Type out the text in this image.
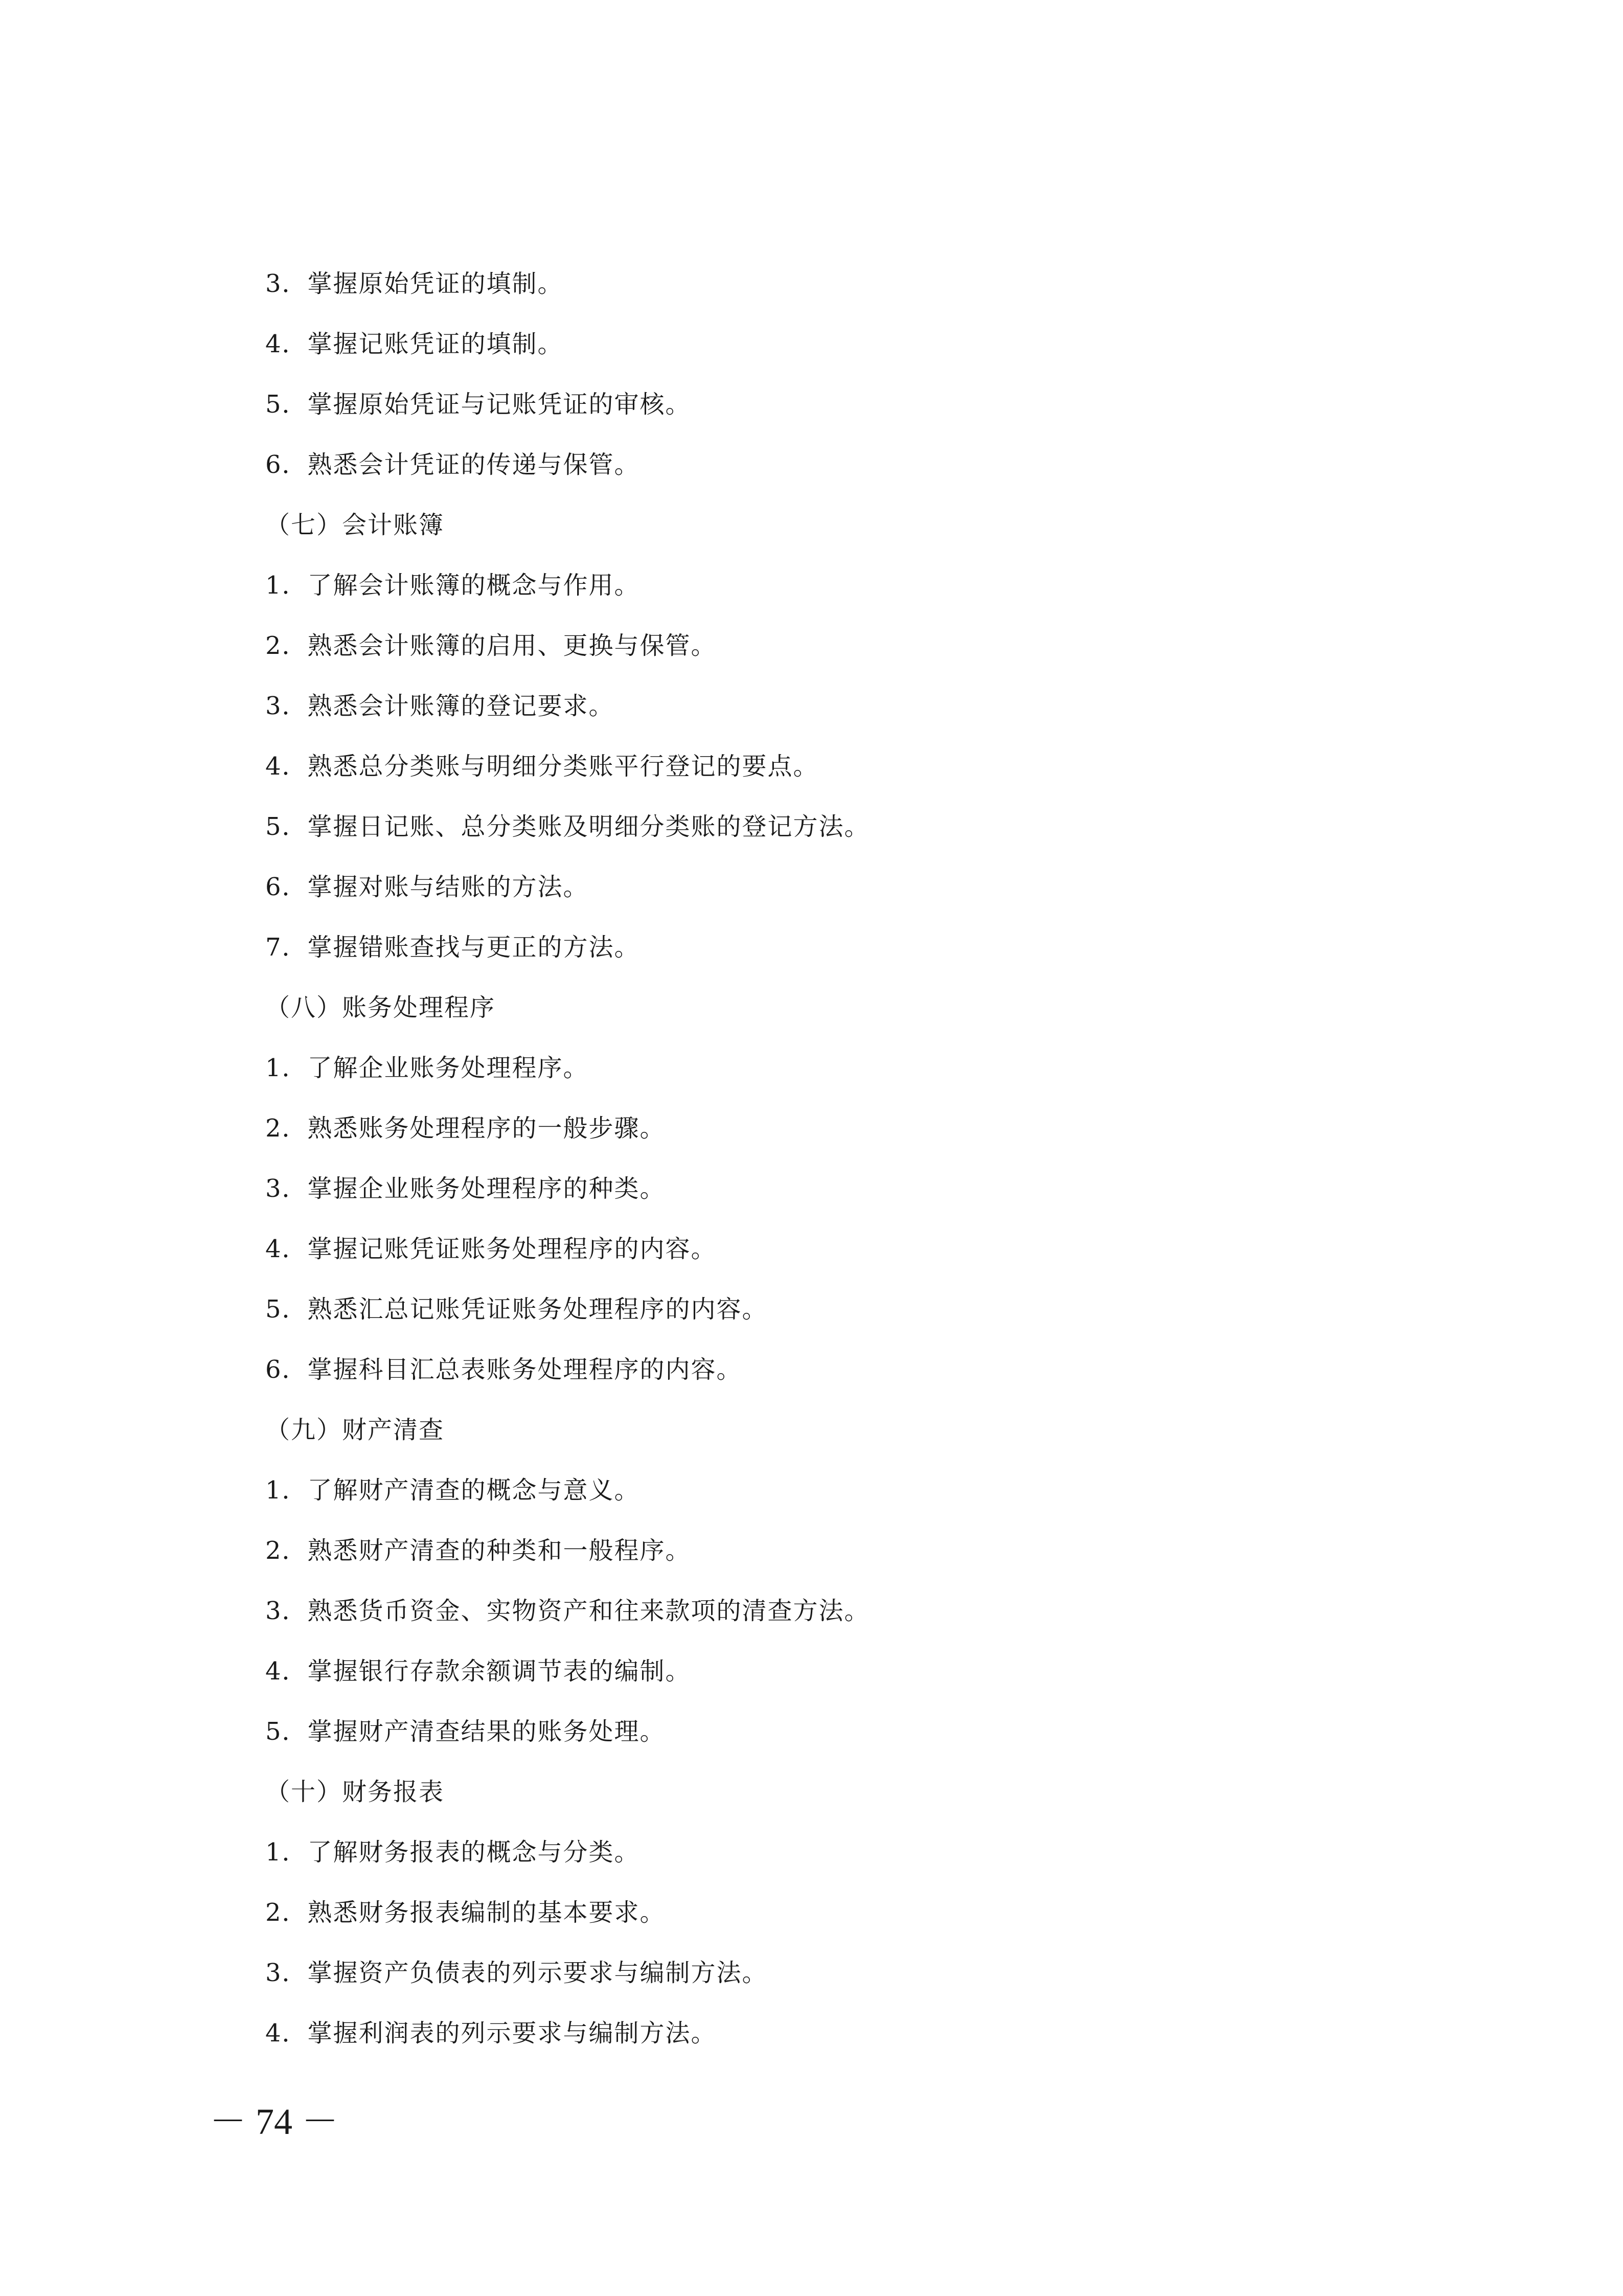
3．掌握原始凭证的填制。
4．掌握记账凭证的填制。
5．掌握原始凭证与记账凭证的审核。
6．熟悉会计凭证的传递与保管。
（七）会计账簿
1．了解会计账簿的概念与作用。
2．熟悉会计账簿的启用、更换与保管。
3．熟悉会计账簿的登记要求。
4．熟悉总分类账与明细分类账平行登记的要点。
5．掌握日记账、总分类账及明细分类账的登记方法。
6．掌握对账与结账的方法。
7．掌握错账查找与更正的方法。
（八）账务处理程序
1．了解企业账务处理程序。
2．熟悉账务处理程序的一般步骤。
3．掌握企业账务处理程序的种类。
4．掌握记账凭证账务处理程序的内容。
5．熟悉汇总记账凭证账务处理程序的内容。
6．掌握科目汇总表账务处理程序的内容。
（九）财产清查
1．了解财产清查的概念与意义。
2．熟悉财产清查的种类和一般程序。
3．熟悉货币资金、实物资产和往来款项的清查方法。
4．掌握银行存款余额调节表的编制。
5．掌握财产清查结果的账务处理。
（十）财务报表
1．了解财务报表的概念与分类。
2．熟悉财务报表编制的基本要求。
3．掌握资产负债表的列示要求与编制方法。
4．掌握利润表的列示要求与编制方法。
－ 74 －
